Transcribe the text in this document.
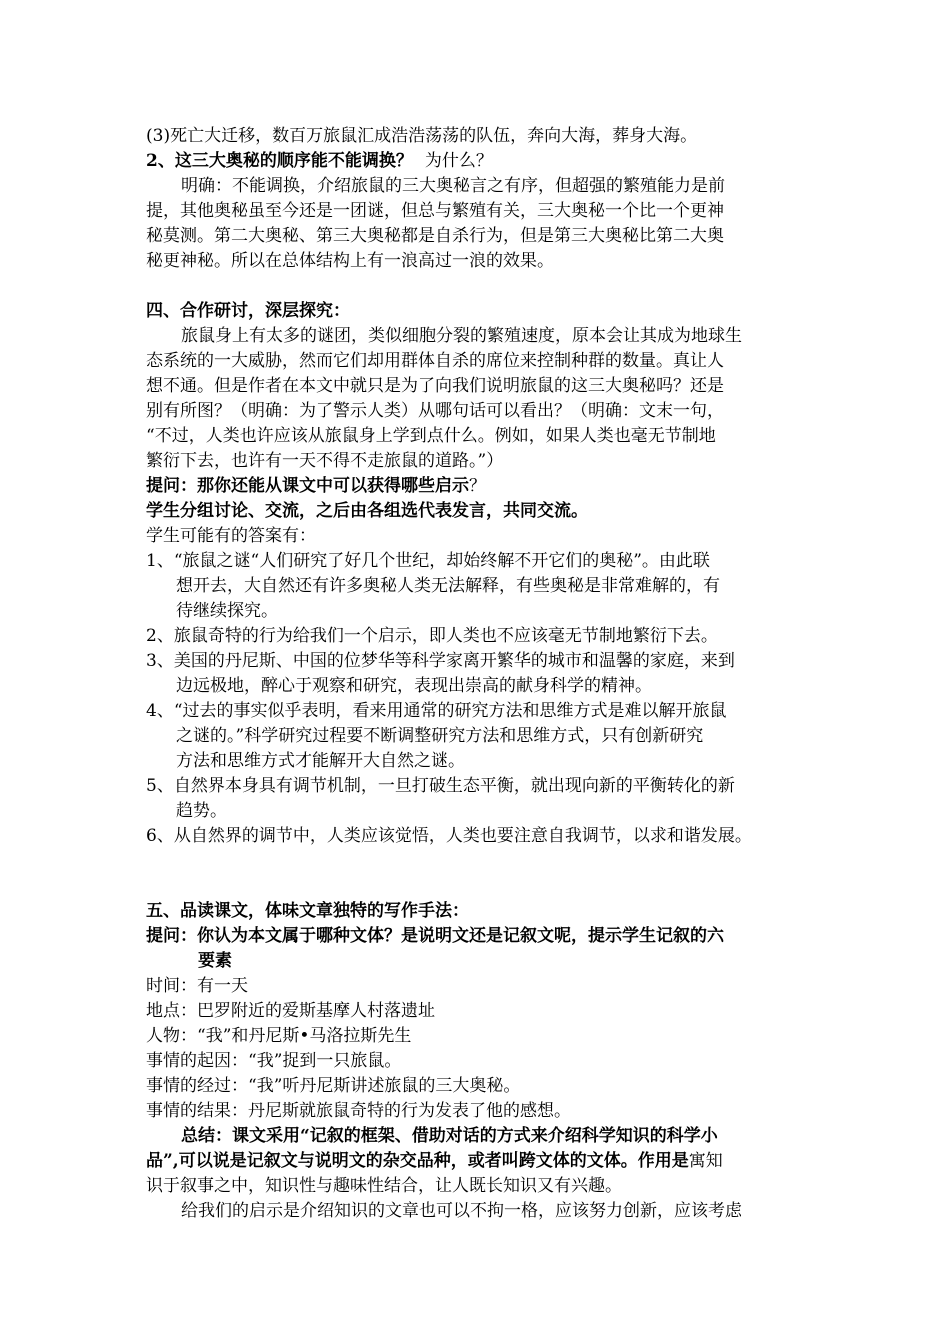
(3)死亡大迁移，数百万旅鼠汇成浩浩荡荡的队伍，奔向大海，葬身大海。
2、这三大奥秘的顺序能不能调换？ 为什么？
明确：不能调换，介绍旅鼠的三大奥秘言之有序，但超强的繁殖能力是前
提，其他奥秘虽至今还是一团谜，但总与繁殖有关，三大奥秘一个比一个更神
秘莫测。第二大奥秘、第三大奥秘都是自杀行为，但是第三大奥秘比第二大奥
秘更神秘。所以在总体结构上有一浪高过一浪的效果。
四、合作研讨，深层探究：
旅鼠身上有太多的谜团，类似细胞分裂的繁殖速度，原本会让其成为地球生
态系统的一大威胁，然而它们却用群体自杀的席位来控制种群的数量。真让人
想不通。但是作者在本文中就只是为了向我们说明旅鼠的这三大奥秘吗？还是
别有所图？（明确：为了警示人类）从哪句话可以看出？（明确：文末一句，
“不过，人类也许应该从旅鼠身上学到点什么。例如，如果人类也毫无节制地
繁衍下去，也许有一天不得不走旅鼠的道路。”）
提问：那你还能从课文中可以获得哪些启示？
学生分组讨论、交流，之后由各组选代表发言，共同交流。
学生可能有的答案有：
1、“旅鼠之谜“人们研究了好几个世纪，却始终解不开它们的奥秘”。由此联
想开去，大自然还有许多奥秘人类无法解释，有些奥秘是非常难解的，有
待继续探究。
2、旅鼠奇特的行为给我们一个启示，即人类也不应该毫无节制地繁衍下去。
3、美国的丹尼斯、中国的位梦华等科学家离开繁华的城市和温馨的家庭，来到
边远极地，醉心于观察和研究，表现出崇高的献身科学的精神。
4、“过去的事实似乎表明，看来用通常的研究方法和思维方式是难以解开旅鼠
之谜的。”科学研究过程要不断调整研究方法和思维方式，只有创新研究
方法和思维方式才能解开大自然之谜。
5、自然界本身具有调节机制，一旦打破生态平衡，就出现向新的平衡转化的新
趋势。
6、从自然界的调节中，人类应该觉悟，人类也要注意自我调节，以求和谐发展。
五、品读课文，体味文章独特的写作手法：
提问：你认为本文属于哪种文体？是说明文还是记叙文呢，提示学生记叙的六
要素
时间：有一天
地点：巴罗附近的爱斯基摩人村落遗址
人物：“我”和丹尼斯•马洛拉斯先生
事情的起因：“我”捉到一只旅鼠。
事情的经过：“我”听丹尼斯讲述旅鼠的三大奥秘。
事情的结果：丹尼斯就旅鼠奇特的行为发表了他的感想。
总结：课文采用“记叙的框架、借助对话的方式来介绍科学知识的科学小
品”,可以说是记叙文与说明文的杂交品种，或者叫跨文体的文体。作用是寓知
识于叙事之中，知识性与趣味性结合，让人既长知识又有兴趣。
给我们的启示是介绍知识的文章也可以不拘一格，应该努力创新，应该考虑
